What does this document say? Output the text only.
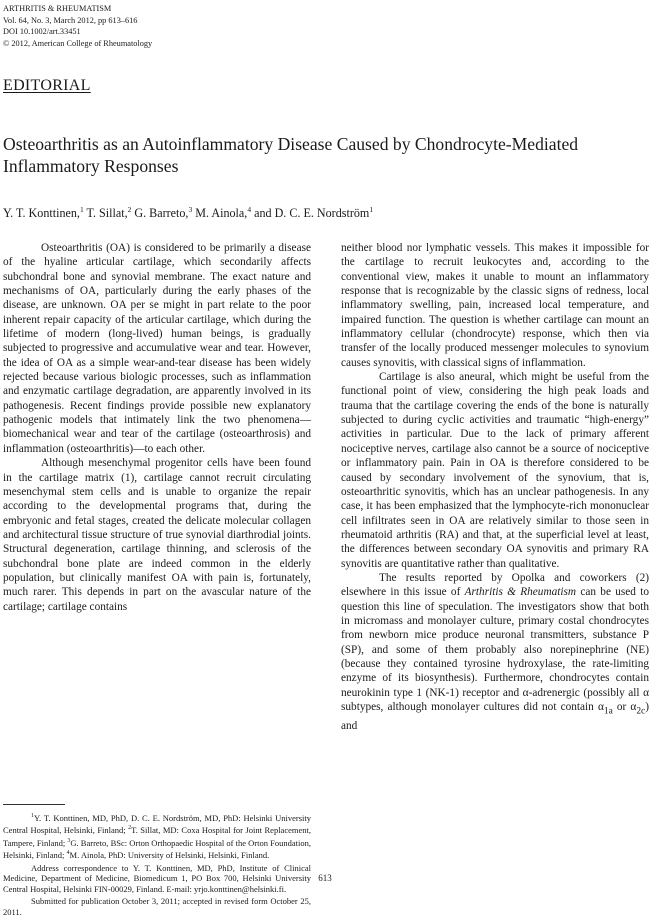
ARTHRITIS & RHEUMATISM
Vol. 64, No. 3, March 2012, pp 613–616
DOI 10.1002/art.33451
© 2012, American College of Rheumatology
EDITORIAL
Osteoarthritis as an Autoinflammatory Disease Caused by Chondrocyte-Mediated Inflammatory Responses
Y. T. Konttinen,$^1$ T. Sillat,$^2$ G. Barreto,$^3$ M. Ainola,$^4$ and D. C. E. Nordström$^1$

Osteoarthritis (OA) is considered to be primarily a disease of the hyaline articular cartilage, which secondarily affects subchondral bone and synovial membrane. The exact nature and mechanisms of OA, particularly during the early phases of the disease, are unknown. OA per se might in part relate to the poor inherent repair capacity of the articular cartilage, which during the lifetime of modern (long-lived) human beings, is gradually subjected to progressive and accumulative wear and tear. However, the idea of OA as a simple wear-and-tear disease has been widely rejected because various biologic processes, such as inflammation and enzymatic cartilage degradation, are apparently involved in its pathogenesis. Recent findings provide possible new explanatory pathogenic models that intimately link the two phenomena—biomechanical wear and tear of the cartilage (osteoarthrosis) and inflammation (osteoarthritis)—to each other.

Although mesenchymal progenitor cells have been found in the cartilage matrix (1), cartilage cannot recruit circulating mesenchymal stem cells and is unable to organize the repair according to the developmental programs that, during the embryonic and fetal stages, created the delicate molecular collagen and architectural tissue structure of true synovial diarthrodial joints. Structural degeneration, cartilage thinning, and sclerosis of the subchondral bone plate are indeed common in the elderly population, but clinically manifest OA with pain is, fortunately, much rarer. This depends in part on the avascular nature of the cartilage; cartilage contains

neither blood nor lymphatic vessels. This makes it impossible for the cartilage to recruit leukocytes and, according to the conventional view, makes it unable to mount an inflammatory response that is recognizable by the classic signs of redness, local inflammatory swelling, pain, increased local temperature, and impaired function. The question is whether cartilage can mount an inflammatory cellular (chondrocyte) response, which then via transfer of the locally produced messenger molecules to synovium causes synovitis, with classical signs of inflammation.

Cartilage is also aneural, which might be useful from the functional point of view, considering the high peak loads and trauma that the cartilage covering the ends of the bone is naturally subjected to during cyclic activities and traumatic “high-energy” activities in particular. Due to the lack of primary afferent nociceptive nerves, cartilage also cannot be a source of nociceptive or inflammatory pain. Pain in OA is therefore considered to be caused by secondary involvement of the synovium, that is, osteoarthritic synovitis, which has an unclear pathogenesis. In any case, it has been emphasized that the lymphocyte-rich mononuclear cell infiltrates seen in OA are relatively similar to those seen in rheumatoid arthritis (RA) and that, at the superficial level at least, the differences between secondary OA synovitis and primary RA synovitis are quantitative rather than qualitative.

The results reported by Opolka and coworkers (2) elsewhere in this issue of Arthritis & Rheumatism can be used to question this line of speculation. The investigators show that both in micromass and monolayer culture, primary costal chondrocytes from newborn mice produce neuronal transmitters, substance P (SP), and some of them probably also norepinephrine (NE) (because they contained tyrosine hydroxylase, the rate-limiting enzyme of its biosynthesis). Furthermore, chondrocytes contain neurokinin type 1 (NK-1) receptor and α-adrenergic (possibly all α subtypes, although monolayer cultures did not contain $\alpha_{1a}$ or $\alpha_{2c}$) and

$^1$Y. T. Konttinen, MD, PhD, D. C. E. Nordström, MD, PhD: Helsinki University Central Hospital, Helsinki, Finland; $^2$T. Sillat, MD: Coxa Hospital for Joint Replacement, Tampere, Finland; $^3$G. Barreto, BSc: Orton Orthopaedic Hospital of the Orton Foundation, Helsinki, Finland; $^4$M. Ainola, PhD: University of Helsinki, Helsinki, Finland.

Address correspondence to Y. T. Konttinen, MD, PhD, Institute of Clinical Medicine, Department of Medicine, Biomedicum 1, PO Box 700, Helsinki University Central Hospital, Helsinki FIN-00029, Finland. E-mail: yrjo.konttinen@helsinki.fi.

Submitted for publication October 3, 2011; accepted in revised form October 25, 2011.

613
